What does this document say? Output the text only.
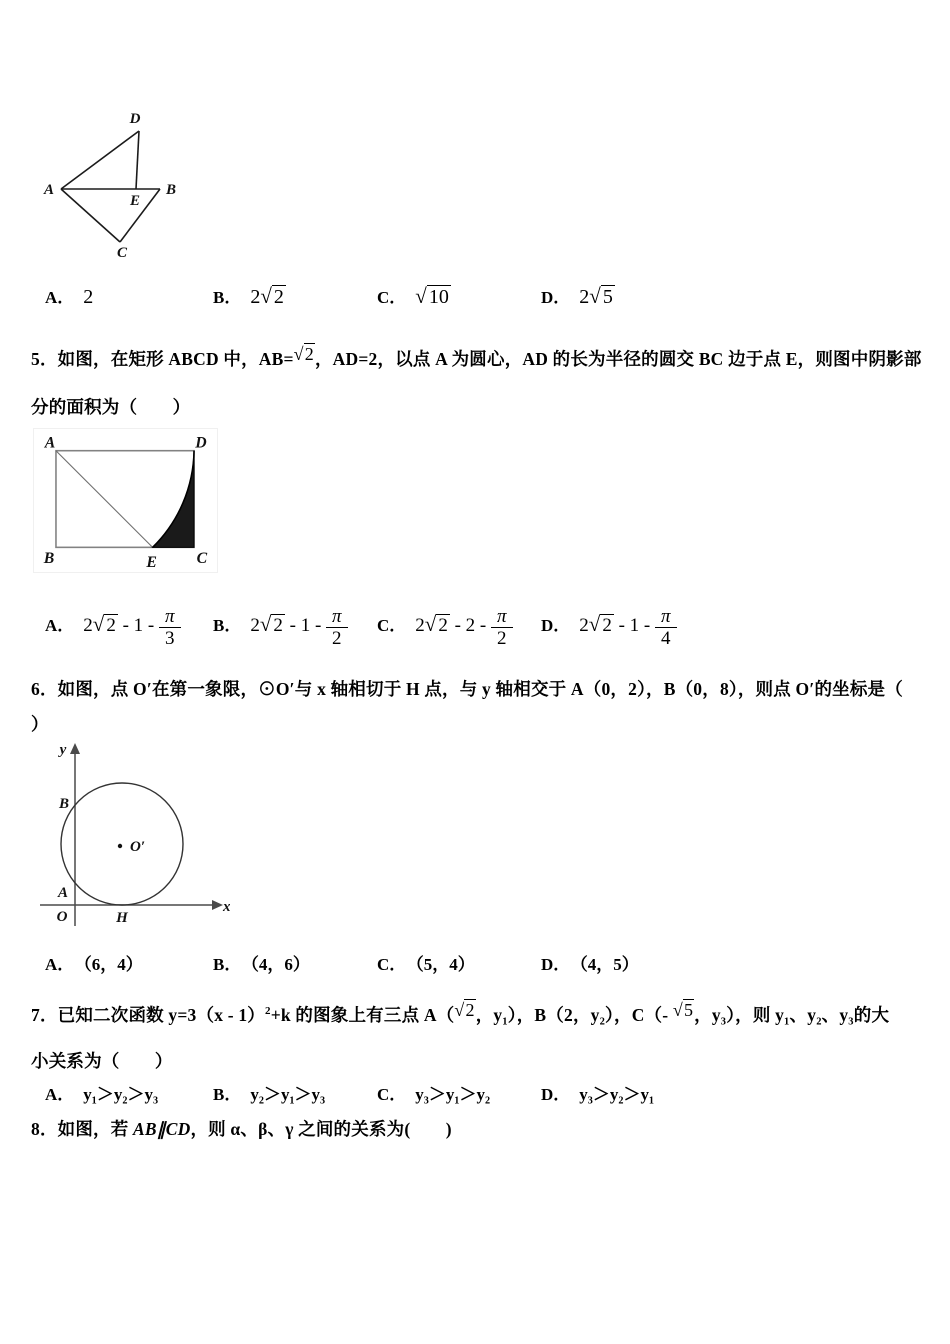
D
A
E
B
C
A． 2	B． 2√ 2	C． √ 10	D． 2√ 5
5．如图，在矩形 ABCD 中，AB=√2，AD=2，以点 A 为圆心，AD 的长为半径的圆交 BC 边于点 E，则图中阴影部
分的面积为（　　）
A	D
B	C
E
A． 2√ $2 - 1 - \frac{\pi}{3}$ B． 2√ $2 - 1 - \frac{\pi}{2}$ C． 2√ $2 - 2 - \frac{\pi}{2}$ D． 2√ $2 - 1 - \frac{\pi}{4}$
6．如图，点 O′在第一象限，⊙O′与 x 轴相切于 H 点，与 y 轴相交于 A（0，2），B（0，8），则点 O′的坐标是（
）
O′
y
x
B
A
O	H
A． （6，4）	B． （4，6）	C． （5，4）	D． （4，5）
7．已知二次函数 y=3（x - 1）$^2$+k 的图象上有三点 A（√2，y₁），B（2，y₂），C（- √5，y₃），则 y₁、y₂、y₃的大
小关系为（　　）
A． y₁＞y₂＞y₃	B． y₂＞y₁＞y₃	C． y₃＞y₁＞y₂	D． y₃＞y₂＞y₁
8．如图，若 AB∥CD，则 α、β、γ 之间的关系为(　　)
